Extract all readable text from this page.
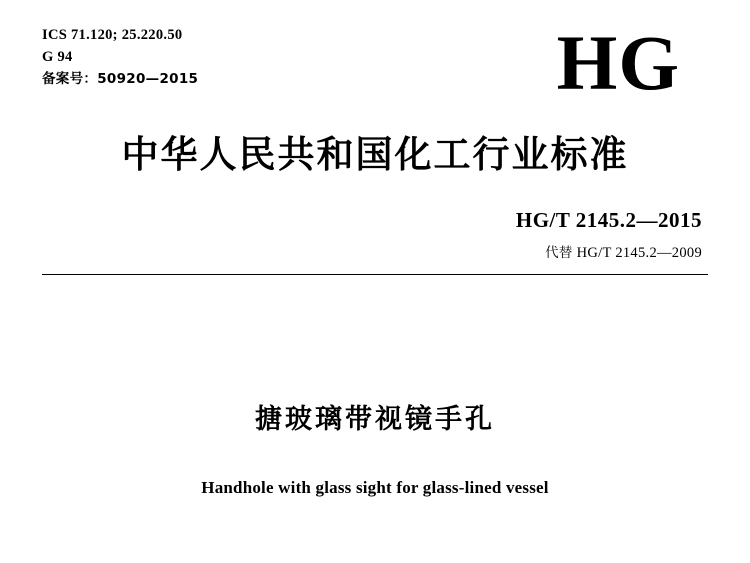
ICS 71.120; 25.220.50
G 94
备案号：50920—2015	HG
中华人民共和国化工行业标准
HG/T 2145.2—2015
代替 HG/T 2145.2—2009
搪玻璃带视镜手孔
Handhole with glass sight for glass-lined vessel
